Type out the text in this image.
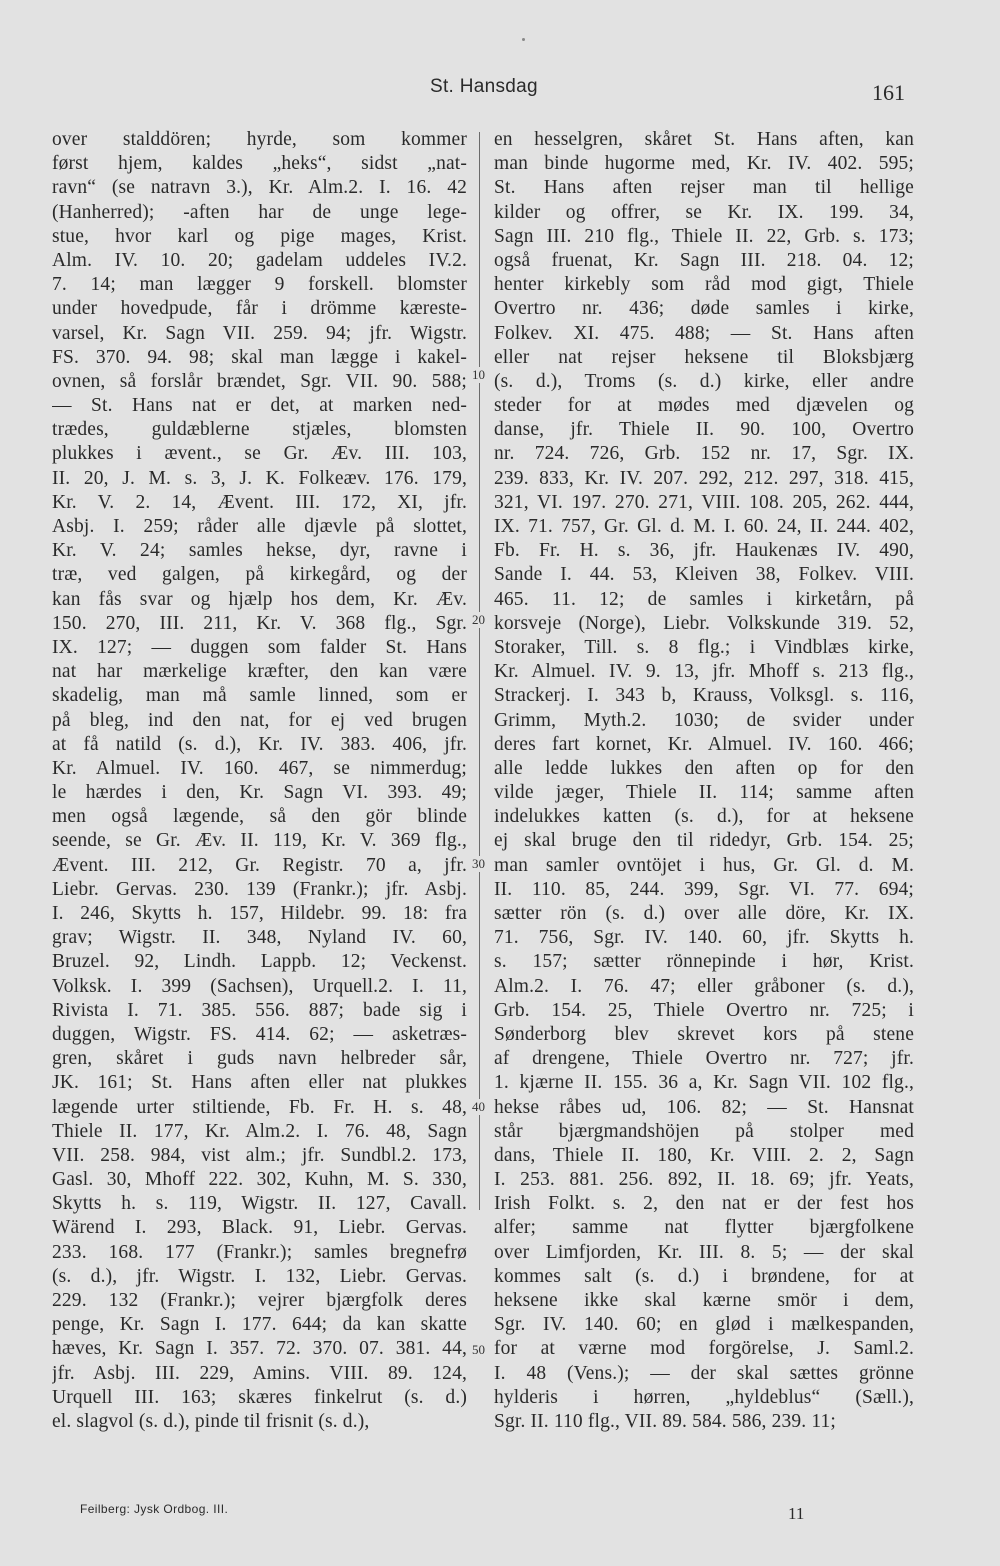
St. Hansdag	161
over stalddören; hyrde, som kommer
først hjem, kaldes „heks“, sidst „nat-
ravn“ (se natravn 3.), Kr. Alm.2. I. 16. 42
(Hanherred); -aften har de unge lege-
stue, hvor karl og pige mages, Krist.
Alm. IV. 10. 20; gadelam uddeles IV.2.
7. 14; man lægger 9 forskell. blomster
under hovedpude, får i drömme kæreste-
varsel, Kr. Sagn VII. 259. 94; jfr. Wigstr.
FS. 370. 94. 98; skal man lægge i kakel-
ovnen, så forslår brændet, Sgr. VII. 90. 588;
— St. Hans nat er det, at marken ned-
trædes, guldæblerne stjæles, blomsten
plukkes i ævent., se Gr. Æv. III. 103,
II. 20, J. M. s. 3, J. K. Folkeæv. 176. 179,
Kr. V. 2. 14, Ævent. III. 172, XI, jfr.
Asbj. I. 259; råder alle djævle på slottet,
Kr. V. 24; samles hekse, dyr, ravne i
træ, ved galgen, på kirkegård, og der
kan fås svar og hjælp hos dem, Kr. Æv.
150. 270, III. 211, Kr. V. 368 flg., Sgr.
IX. 127; — duggen som falder St. Hans
nat har mærkelige kræfter, den kan være
skadelig, man må samle linned, som er
på bleg, ind den nat, for ej ved brugen
at få natild (s. d.), Kr. IV. 383. 406, jfr.
Kr. Almuel. IV. 160. 467, se nimmerdug;
le hærdes i den, Kr. Sagn VI. 393. 49;
men også lægende, så den gör blinde
seende, se Gr. Æv. II. 119, Kr. V. 369 flg.,
Ævent. III. 212, Gr. Registr. 70 a, jfr.
Liebr. Gervas. 230. 139 (Frankr.); jfr. Asbj.
I. 246, Skytts h. 157, Hildebr. 99. 18: fra
grav; Wigstr. II. 348, Nyland IV. 60,
Bruzel. 92, Lindh. Lappb. 12; Veckenst.
Volksk. I. 399 (Sachsen), Urquell.2. I. 11,
Rivista I. 71. 385. 556. 887; bade sig i
duggen, Wigstr. FS. 414. 62; — asketræs-
gren, skåret i guds navn helbreder sår,
JK. 161; St. Hans aften eller nat plukkes
lægende urter stiltiende, Fb. Fr. H. s. 48,
Thiele II. 177, Kr. Alm.2. I. 76. 48, Sagn
VII. 258. 984, vist alm.; jfr. Sundbl.2. 173,
Gasl. 30, Mhoff 222. 302, Kuhn, M. S. 330,
Skytts h. s. 119, Wigstr. II. 127, Cavall.
Wärend I. 293, Black. 91, Liebr. Gervas.
233. 168. 177 (Frankr.); samles bregnefrø
(s. d.), jfr. Wigstr. I. 132, Liebr. Gervas.
229. 132 (Frankr.); vejrer bjærgfolk deres
penge, Kr. Sagn I. 177. 644; da kan skatte
hæves, Kr. Sagn I. 357. 72. 370. 07. 381. 44,
jfr. Asbj. III. 229, Amins. VIII. 89. 124,
Urquell III. 163; skæres finkelrut (s. d.)
el. slagvol (s. d.), pinde til frisnit (s. d.),
en hesselgren, skåret St. Hans aften, kan
man binde hugorme med, Kr. IV. 402. 595;
St. Hans aften rejser man til hellige
kilder og offrer, se Kr. IX. 199. 34,
Sagn III. 210 flg., Thiele II. 22, Grb. s. 173;
også fruenat, Kr. Sagn III. 218. 04. 12;
henter kirkebly som råd mod gigt, Thiele
Overtro nr. 436; døde samles i kirke,
Folkev. XI. 475. 488; — St. Hans aften
eller nat rejser heksene til Bloksbjærg
(s. d.), Troms (s. d.) kirke, eller andre
steder for at mødes med djævelen og
danse, jfr. Thiele II. 90. 100, Overtro
nr. 724. 726, Grb. 152 nr. 17, Sgr. IX.
239. 833, Kr. IV. 207. 292, 212. 297, 318. 415,
321, VI. 197. 270. 271, VIII. 108. 205, 262. 444,
IX. 71. 757, Gr. Gl. d. M. I. 60. 24, II. 244. 402,
Fb. Fr. H. s. 36, jfr. Haukenæs IV. 490,
Sande I. 44. 53, Kleiven 38, Folkev. VIII.
465. 11. 12; de samles i kirketårn, på
korsveje (Norge), Liebr. Volkskunde 319. 52,
Storaker, Till. s. 8 flg.; i Vindblæs kirke,
Kr. Almuel. IV. 9. 13, jfr. Mhoff s. 213 flg.,
Strackerj. I. 343 b, Krauss, Volksgl. s. 116,
Grimm, Myth.2. 1030; de svider under
deres fart kornet, Kr. Almuel. IV. 160. 466;
alle ledde lukkes den aften op for den
vilde jæger, Thiele II. 114; samme aften
indelukkes katten (s. d.), for at heksene
ej skal bruge den til ridedyr, Grb. 154. 25;
man samler ovntöjet i hus, Gr. Gl. d. M.
II. 110. 85, 244. 399, Sgr. VI. 77. 694;
sætter rön (s. d.) over alle döre, Kr. IX.
71. 756, Sgr. IV. 140. 60, jfr. Skytts h.
s. 157; sætter rönnepinde i hør, Krist.
Alm.2. I. 76. 47; eller gråboner (s. d.),
Grb. 154. 25, Thiele Overtro nr. 725; i
Sønderborg blev skrevet kors på stene
af drengene, Thiele Overtro nr. 727; jfr.
1. kjærne II. 155. 36 a, Kr. Sagn VII. 102 flg.,
hekse råbes ud, 106. 82; — St. Hansnat
står bjærgmandshöjen på stolper med
dans, Thiele II. 180, Kr. VIII. 2. 2, Sagn
I. 253. 881. 256. 892, II. 18. 69; jfr. Yeats,
Irish Folkt. s. 2, den nat er der fest hos
alfer; samme nat flytter bjærgfolkene
over Limfjorden, Kr. III. 8. 5; — der skal
kommes salt (s. d.) i brøndene, for at
heksene ikke skal kærne smör i dem,
Sgr. IV. 140. 60; en glød i mælkespanden,
for at værne mod forgörelse, J. Saml.2.
I. 48 (Vens.); — der skal sættes grönne
hylderis i hørren, „hyldeblus“ (Sæll.),
Sgr. II. 110 flg., VII. 89. 584. 586, 239. 11;
10
20
30
40
50
Feilberg: Jysk Ordbog. III.	11
